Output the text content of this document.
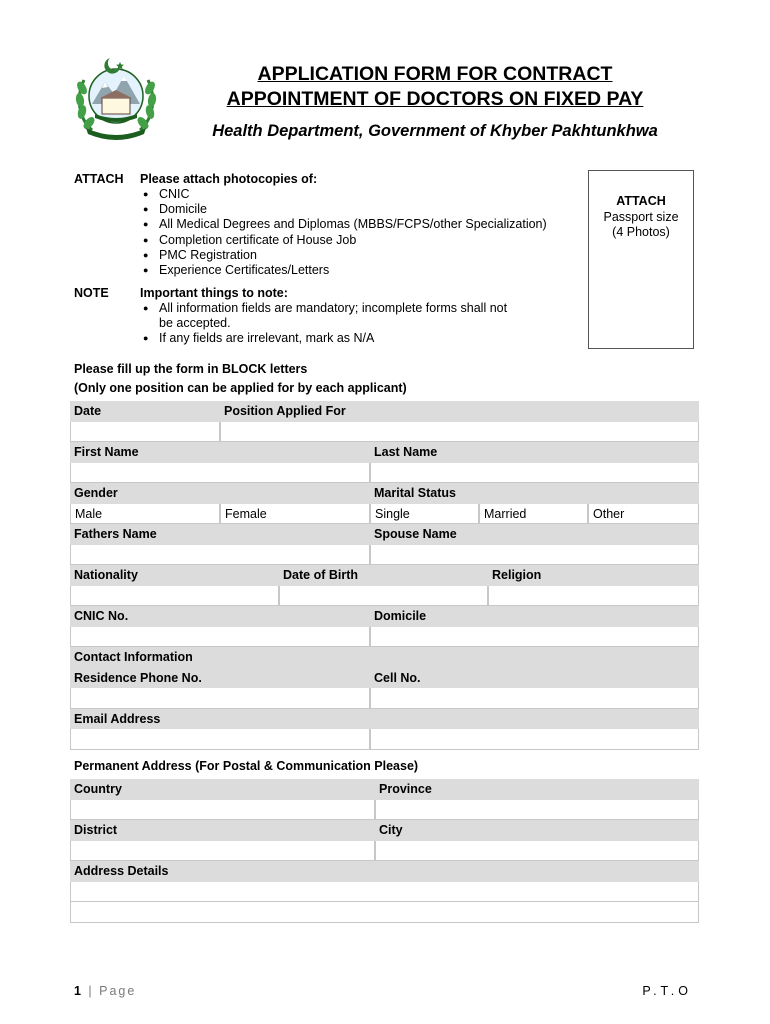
APPLICATION FORM FOR CONTRACT
APPOINTMENT OF DOCTORS ON FIXED PAY
Health Department, Government of Khyber Pakhtunkhwa
ATTACH Please attach photocopies of:
● CNIC
● Domicile
● All Medical Degrees and Diplomas (MBBS/FCPS/other Specialization)
● Completion certificate of House Job
● PMC Registration
● Experience Certificates/Letters
NOTE	Important things to note:
● All information fields are mandatory; incomplete forms shall not
be accepted.
● If any fields are irrelevant, mark as N/A
ATTACH
Passport size
(4 Photos)
Please fill up the form in BLOCK letters
(Only one position can be applied for by each applicant)
Date	Position Applied For
First Name	Last Name
Gender	Marital Status
Male	Female	Single	Married	Other
Fathers Name	Spouse Name
Nationality	Date of Birth	Religion
CNIC No.	Domicile
Contact Information
Residence Phone No.	Cell No.
Email Address
Permanent Address (For Postal & Communication Please)
Country	Province
District	City
Address Details
1 | Page	P.T.O
